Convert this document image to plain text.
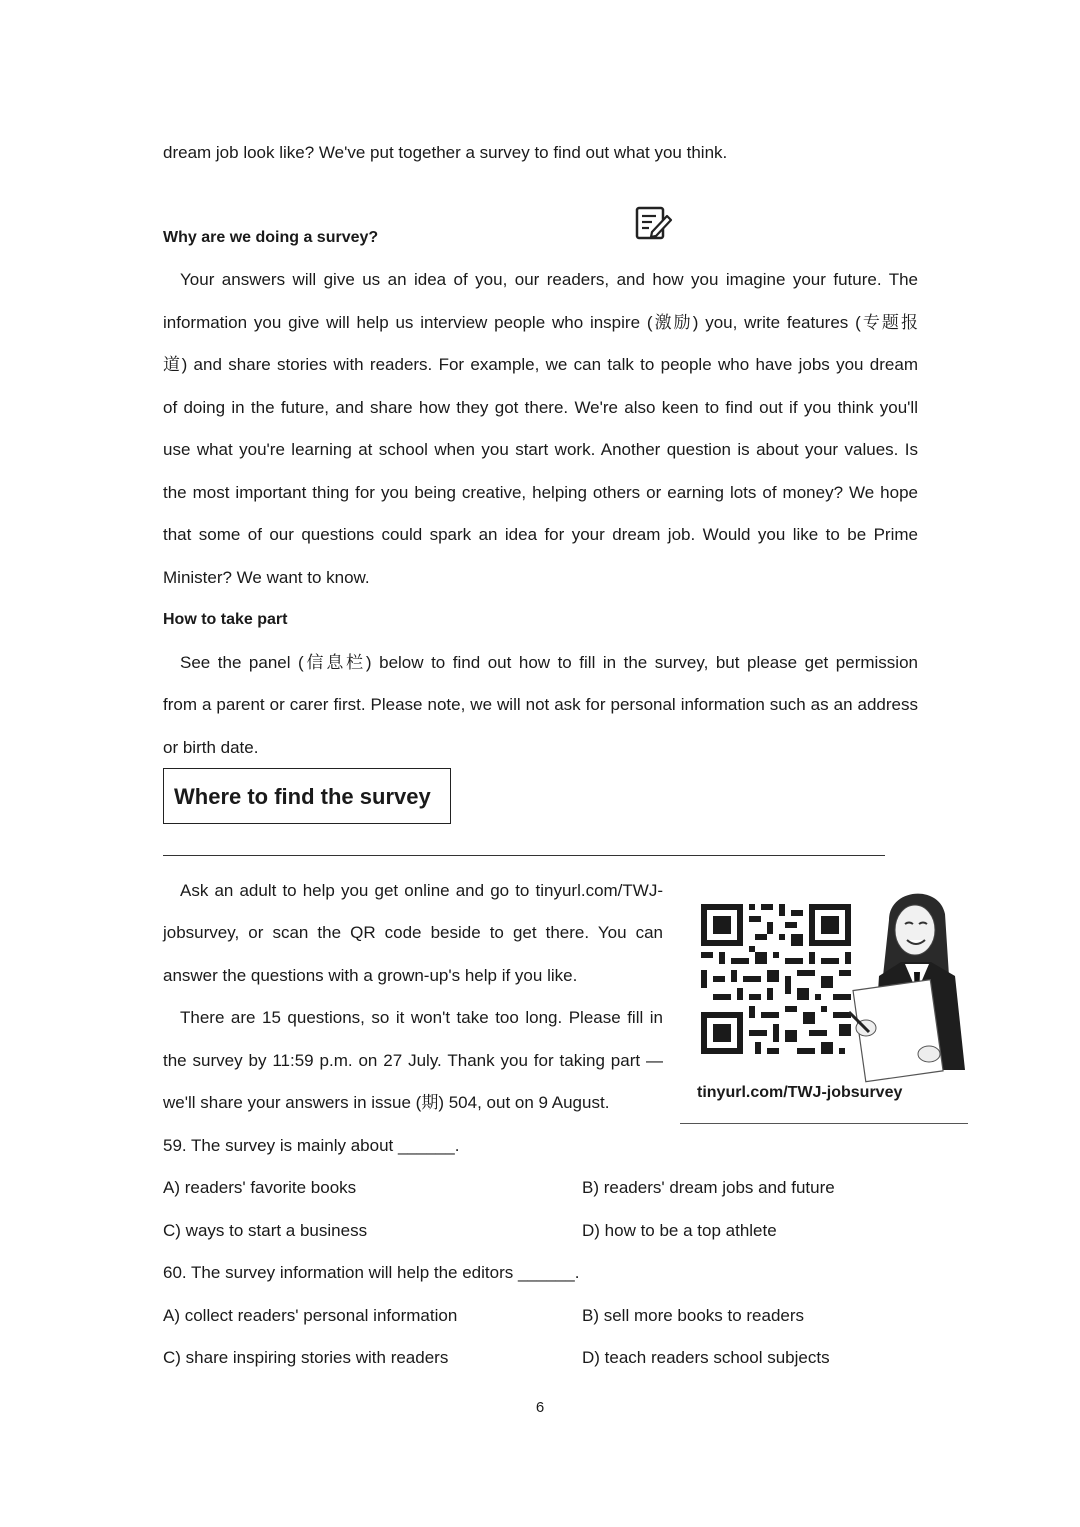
dream job look like? We've put together a survey to find out what you think.
Why are we doing a survey?
 Your answers will give us an idea of you, our readers, and how you imagine your future. The
information you give will help us interview people who inspire (激励) you, write features (专题报
道) and share stories with readers. For example, we can talk to people who have jobs you dream
of doing in the future, and share how they got there. We're also keen to find out if you think you'll
use what you're learning at school when you start work. Another question is about your values. Is
the most important thing for you being creative, helping others or earning lots of money? We hope
that some of our questions could spark an idea for your dream job. Would you like to be Prime
Minister? We want to know.
How to take part
 See the panel (信息栏) below to find out how to fill in the survey, but please get permission
from a parent or carer first. Please note, we will not ask for personal information such as an address
or birth date.
Where to find the survey
 Ask an adult to help you get online and go to tinyurl.com/TWJ-
jobsurvey, or scan the QR code beside to get there. You can
answer the questions with a grown-up's help if you like.
 There are 15 questions, so it won't take too long. Please fill in
the survey by 11:59 p.m. on 27 July. Thank you for taking part —
we'll share your answers in issue (期) 504, out on 9 August.
tinyurl.com/TWJ-jobsurvey
59. The survey is mainly about ______.
A) readers' favorite books	B) readers' dream jobs and future
C) ways to start a business	D) how to be a top athlete
60. The survey information will help the editors ______.
A) collect readers' personal information	B) sell more books to readers
C) share inspiring stories with readers	D) teach readers school subjects
6
